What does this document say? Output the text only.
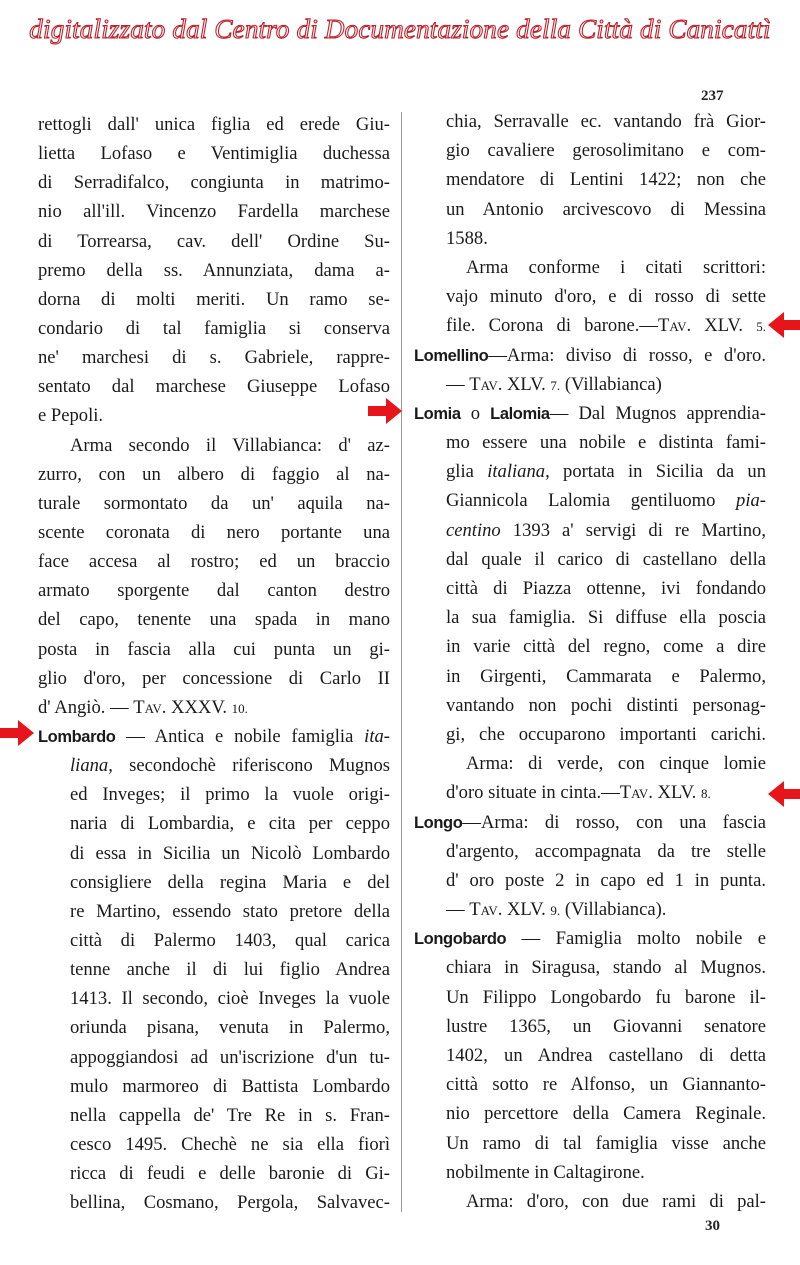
digitalizzato dal Centro di Documentazione della Città di Canicattì
237
rettogli dall' unica figlia ed erede Giu-
lietta Lofaso e Ventimiglia duchessa
di Serradifalco, congiunta in matrimo-
nio all'ill. Vincenzo Fardella marchese
di Torrearsa, cav. dell' Ordine Su-
premo della ss. Annunziata, dama a-
dorna di molti meriti. Un ramo se-
condario di tal famiglia si conserva
ne' marchesi di s. Gabriele, rappre-
sentato dal marchese Giuseppe Lofaso
e Pepoli.
Arma secondo il Villabianca: d' az-
zurro, con un albero di faggio al na-
turale sormontato da un' aquila na-
scente coronata di nero portante una
face accesa al rostro; ed un braccio
armato sporgente dal canton destro
del capo, tenente una spada in mano
posta in fascia alla cui punta un gi-
glio d'oro, per concessione di Carlo II
d' Angiò. — Tav. XXXV. 10.
Lombardo — Antica e nobile famiglia ita-
liana, secondochè riferiscono Mugnos
ed Inveges; il primo la vuole origi-
naria di Lombardia, e cita per ceppo
di essa in Sicilia un Nicolò Lombardo
consigliere della regina Maria e del
re Martino, essendo stato pretore della
città di Palermo 1403, qual carica
tenne anche il di lui figlio Andrea
1413. Il secondo, cioè Inveges la vuole
oriunda pisana, venuta in Palermo,
appoggiandosi ad un'iscrizione d'un tu-
mulo marmoreo di Battista Lombardo
nella cappella de' Tre Re in s. Fran-
cesco 1495. Chechè ne sia ella fiorì
ricca di feudi e delle baronie di Gi-
bellina, Cosmano, Pergola, Salvavec-
chia, Serravalle ec. vantando frà Gior-
gio cavaliere gerosolimitano e com-
mendatore di Lentini 1422; non che
un Antonio arcivescovo di Messina
1588.
Arma conforme i citati scrittori:
vajo minuto d'oro, e di rosso di sette
file. Corona di barone.—Tav. XLV. 5.
Lomellino—Arma: diviso di rosso, e d'oro.
— Tav. XLV. 7. (Villabianca)
Lomia o Lalomia— Dal Mugnos apprendia-
mo essere una nobile e distinta fami-
glia italiana, portata in Sicilia da un
Giannicola Lalomia gentiluomo pia-
centino 1393 a' servigi di re Martino,
dal quale il carico di castellano della
città di Piazza ottenne, ivi fondando
la sua famiglia. Si diffuse ella poscia
in varie città del regno, come a dire
in Girgenti, Cammarata e Palermo,
vantando non pochi distinti personag-
gi, che occuparono importanti carichi.
Arma: di verde, con cinque lomie
d'oro situate in cinta.—Tav. XLV. 8.
Longo—Arma: di rosso, con una fascia
d'argento, accompagnata da tre stelle
d' oro poste 2 in capo ed 1 in punta.
— Tav. XLV. 9. (Villabianca).
Longobardo — Famiglia molto nobile e
chiara in Siragusa, stando al Mugnos.
Un Filippo Longobardo fu barone il-
lustre 1365, un Giovanni senatore
1402, un Andrea castellano di detta
città sotto re Alfonso, un Giannanto-
nio percettore della Camera Reginale.
Un ramo di tal famiglia visse anche
nobilmente in Caltagirone.
Arma: d'oro, con due rami di pal-
30
